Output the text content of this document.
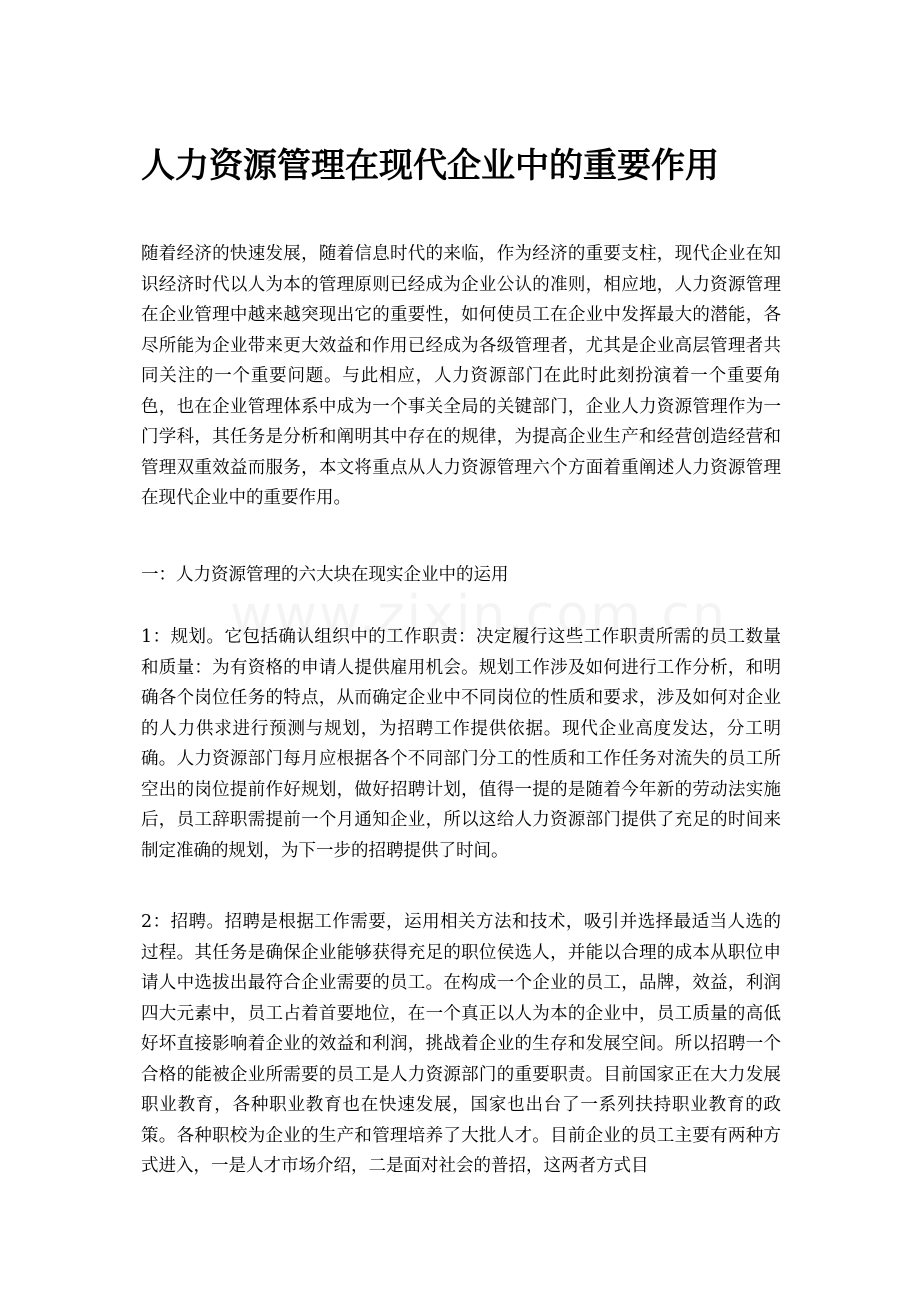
人力资源管理在现代企业中的重要作用

随着经济的快速发展，随着信息时代的来临，作为经济的重要支柱，现代企业在知识经济时代以人为本的管理原则已经成为企业公认的准则，相应地，人力资源管理在企业管理中越来越突现出它的重要性，如何使员工在企业中发挥最大的潜能，各尽所能为企业带来更大效益和作用已经成为各级管理者，尤其是企业高层管理者共同关注的一个重要问题。与此相应，人力资源部门在此时此刻扮演着一个重要角色，也在企业管理体系中成为一个事关全局的关键部门，企业人力资源管理作为一门学科，其任务是分析和阐明其中存在的规律，为提高企业生产和经营创造经营和管理双重效益而服务，本文将重点从人力资源管理六个方面着重阐述人力资源管理在现代企业中的重要作用。

一：人力资源管理的六大块在现实企业中的运用

1：规划。它包括确认组织中的工作职责：决定履行这些工作职责所需的员工数量和质量：为有资格的申请人提供雇用机会。规划工作涉及如何进行工作分析，和明确各个岗位任务的特点，从而确定企业中不同岗位的性质和要求，涉及如何对企业的人力供求进行预测与规划，为招聘工作提供依据。现代企业高度发达，分工明确。人力资源部门每月应根据各个不同部门分工的性质和工作任务对流失的员工所空出的岗位提前作好规划，做好招聘计划，值得一提的是随着今年新的劳动法实施后，员工辞职需提前一个月通知企业，所以这给人力资源部门提供了充足的时间来制定准确的规划，为下一步的招聘提供了时间。

2：招聘。招聘是根据工作需要，运用相关方法和技术，吸引并选择最适当人选的过程。其任务是确保企业能够获得充足的职位侯选人，并能以合理的成本从职位申请人中选拔出最符合企业需要的员工。在构成一个企业的员工，品牌，效益，利润四大元素中，员工占着首要地位，在一个真正以人为本的企业中，员工质量的高低好坏直接影响着企业的效益和利润，挑战着企业的生存和发展空间。所以招聘一个合格的能被企业所需要的员工是人力资源部门的重要职责。目前国家正在大力发展职业教育，各种职业教育也在快速发展，国家也出台了一系列扶持职业教育的政策。各种职校为企业的生产和管理培养了大批人才。目前企业的员工主要有两种方式进入，一是人才市场介绍，二是面对社会的普招，这两者方式目
